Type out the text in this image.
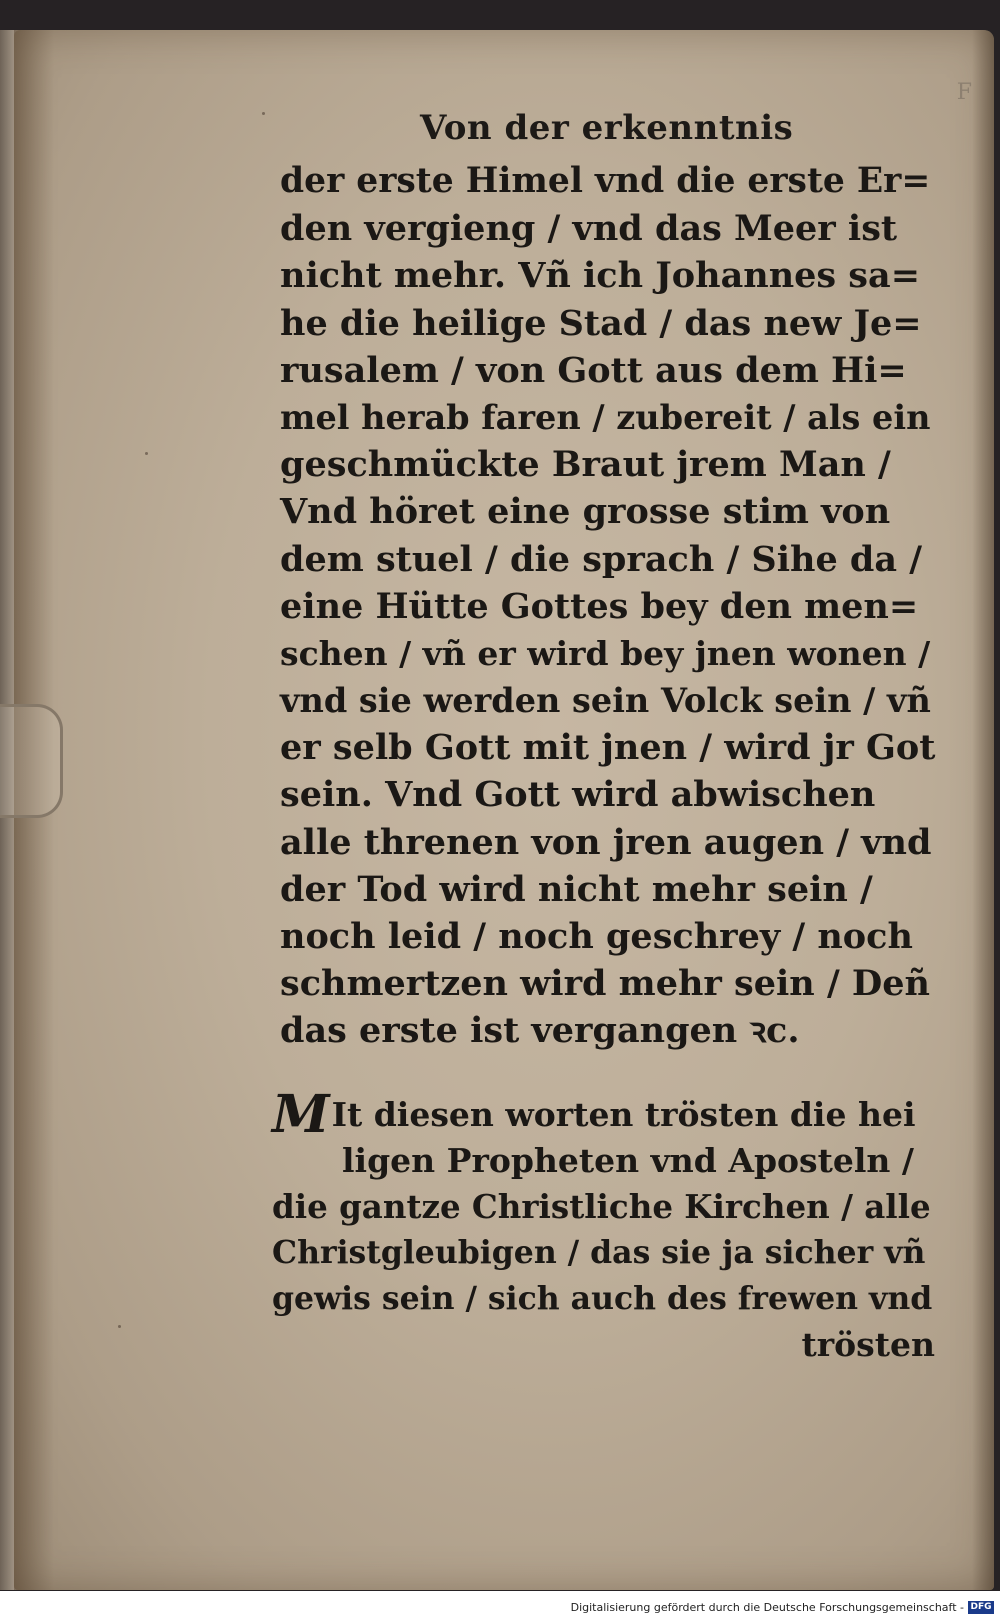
F
Von der erkenntnis
der erste Himel vnd die erste Er=
den vergieng / vnd das Meer ist
nicht mehr. Vñ ich Johannes sa=
he die heilige Stad / das new Je=
rusalem / von Gott aus dem Hi=
mel herab faren / zubereit / als ein
geschmückte Braut jrem Man /
Vnd höret eine grosse stim von
dem stuel / die sprach / Sihe da /
eine Hütte Gottes bey den men=
schen / vñ er wird bey jnen wonen /
vnd sie werden sein Volck sein / vñ
er selb Gott mit jnen / wird jr Got
sein. Vnd Gott wird abwischen
alle threnen von jren augen / vnd
der Tod wird nicht mehr sein /
noch leid / noch geschrey / noch
schmertzen wird mehr sein / Deñ
das erste ist vergangen ꝛc.
MIt diesen worten trösten die hei
ligen Propheten vnd Aposteln /
die gantze Christliche Kirchen / alle
Christgleubigen / das sie ja sicher vñ
gewis sein / sich auch des frewen vnd
trösten
Digitalisierung gefördert durch die Deutsche Forschungsgemeinschaft - DFG
